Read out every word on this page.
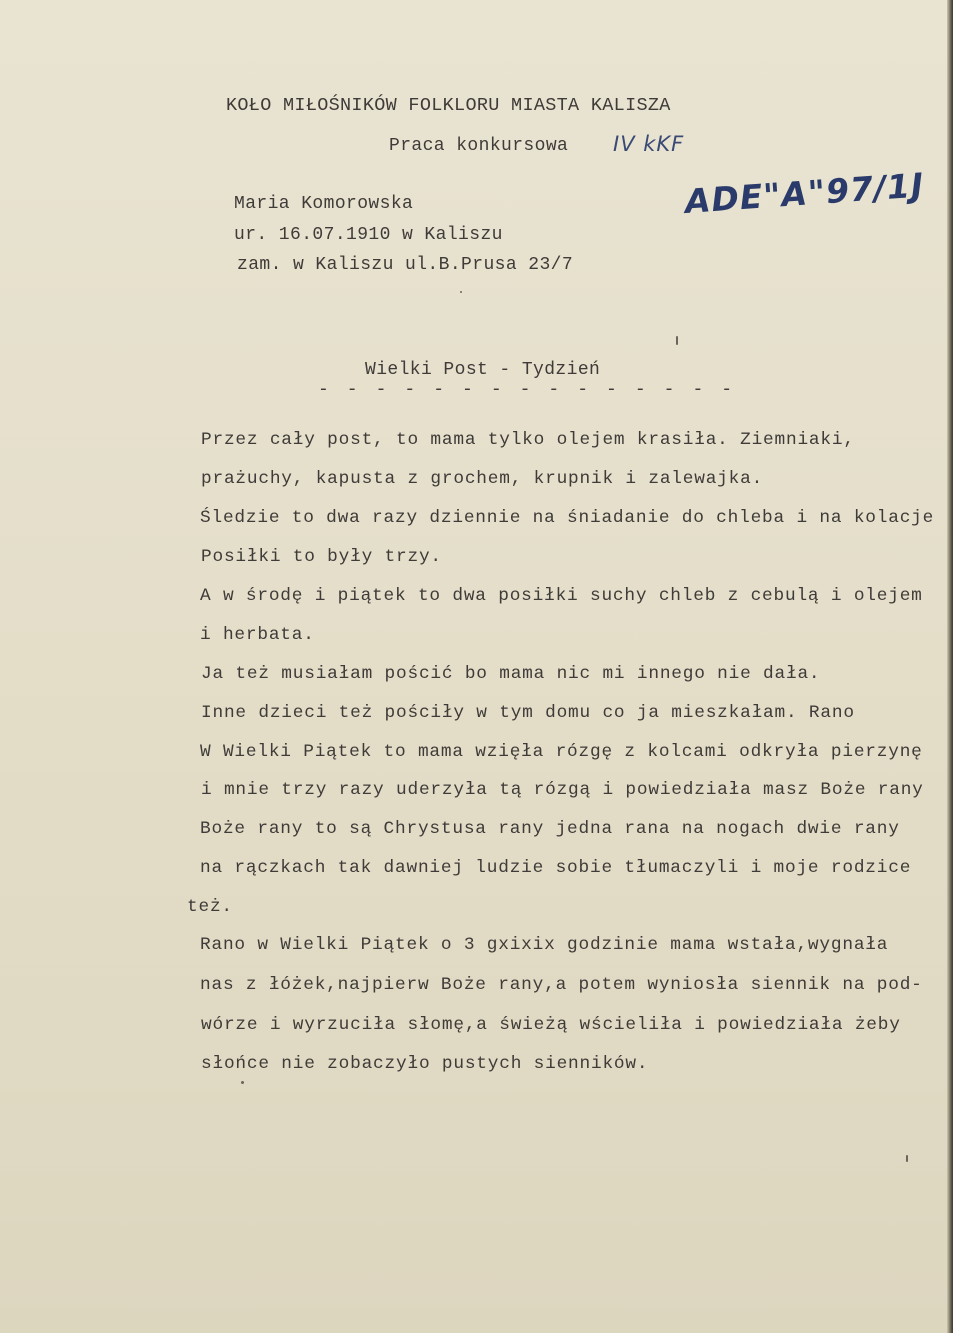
KOŁO MIŁOŚNIKÓW FOLKLORU MIASTA KALISZA
Praca konkursowa IV kKF
ADE"A"97/1J
Maria Komorowska
ur. 16.07.1910 w Kaliszu
zam. w Kaliszu ul.B.Prusa 23/7
Wielki Post - Tydzień
- - - - - - - - - - - - - - -
Przez cały post, to mama tylko olejem krasiła. Ziemniaki,
prażuchy, kapusta z grochem, krupnik i zalewajka.
Śledzie to dwa razy dziennie na śniadanie do chleba i na kolacje
Posiłki to były trzy.
A w środę i piątek to dwa posiłki suchy chleb z cebulą i olejem
i herbata.
Ja też musiałam pościć bo mama nic mi innego nie dała.
Inne dzieci też pościły w tym domu co ja mieszkałam. Rano
W Wielki Piątek to mama wzięła rózgę z kolcami odkryła pierzynę
i mnie trzy razy uderzyła tą rózgą i powiedziała masz Boże rany
Boże rany to są Chrystusa rany jedna rana na nogach dwie rany
na rączkach tak dawniej ludzie sobie tłumaczyli i moje rodzice
też.
Rano w Wielki Piątek o 3 gxixix godzinie mama wstała,wygnała
nas z łóżek,najpierw Boże rany,a potem wyniosła siennik na pod-
wórze i wyrzuciła słomę,a świeżą wścieliła i powiedziała żeby
słońce nie zobaczyło pustych sienników.
